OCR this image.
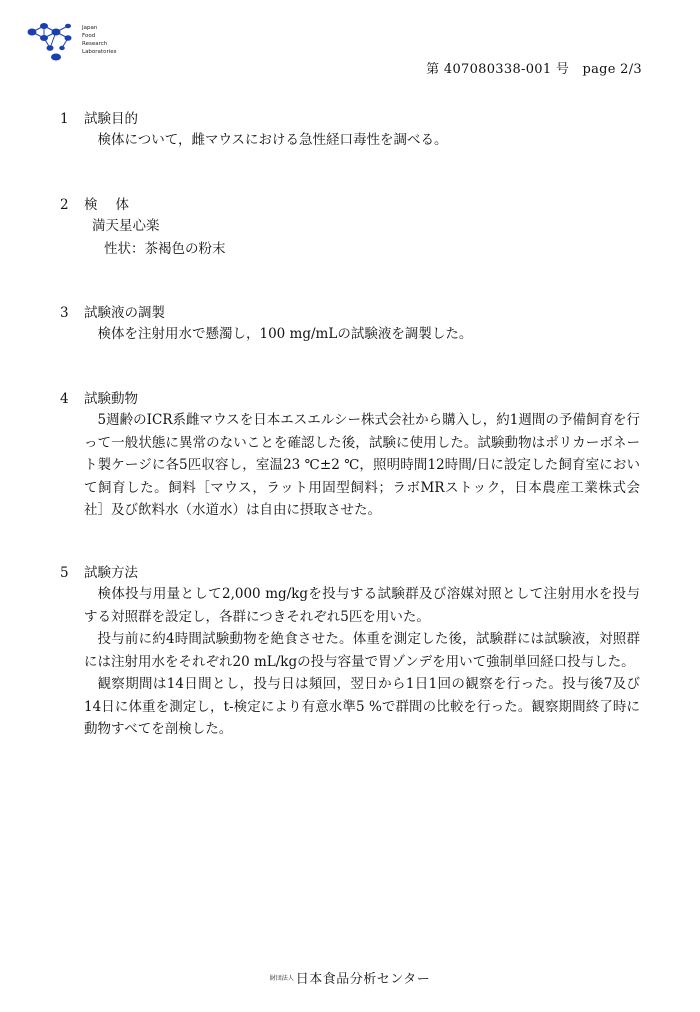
Japan
Food
Research
Laboratories
第 407080338-001 号　page 2/3
1 試験目的
検体について，雌マウスにおける急性経口毒性を調べる。
2 検体
満天星心楽
性状：茶褐色の粉末
3 試験液の調製
検体を注射用水で懸濁し，100 mg/mLの試験液を調製した。
4 試験動物
5週齢のICR系雌マウスを日本エスエルシー株式会社から購入し，約1週間の予備飼育を行って一般状態に異常のないことを確認した後，試験に使用した。試験動物はポリカーボネート製ケージに各5匹収容し，室温23 ℃±2 ℃，照明時間12時間/日に設定した飼育室において飼育した。飼料［マウス，ラット用固型飼料；ラボMRストック，日本農産工業株式会社］及び飲料水（水道水）は自由に摂取させた。
5 試験方法
検体投与用量として2,000 mg/kgを投与する試験群及び溶媒対照として注射用水を投与する対照群を設定し，各群につきそれぞれ5匹を用いた。
投与前に約4時間試験動物を絶食させた。体重を測定した後，試験群には試験液，対照群には注射用水をそれぞれ20 mL/kgの投与容量で胃ゾンデを用いて強制単回経口投与した。
観察期間は14日間とし，投与日は頻回，翌日から1日1回の観察を行った。投与後7及び14日に体重を測定し，t-検定により有意水準5 %で群間の比較を行った。観察期間終了時に動物すべてを剖検した。
財団法人 日本食品分析センター
